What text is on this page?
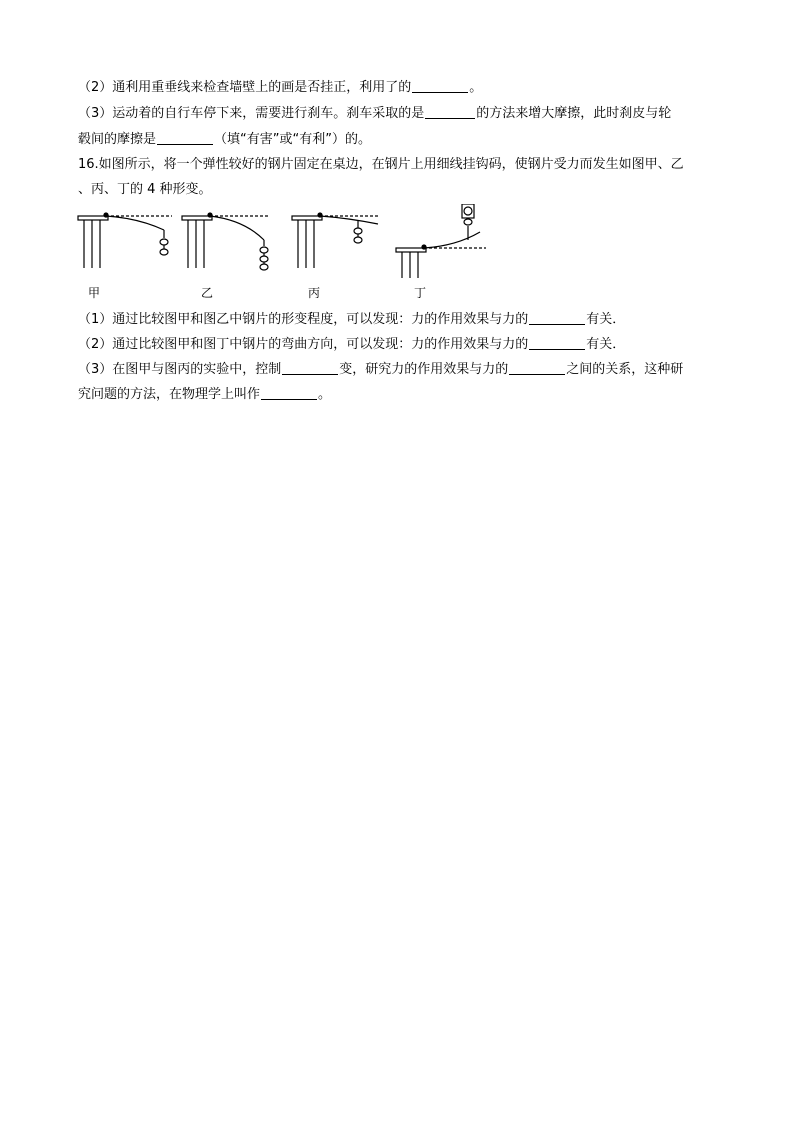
（2）通利用重垂线来检查墙壁上的画是否挂正，利用了的	。
（3）运动着的自行车停下来，需要进行刹车。刹车采取的是	的方法来增大摩擦，此时刹皮与轮
毂间的摩擦是	（填“有害”或“有利”）的。
16.如图所示，将一个弹性较好的钢片固定在桌边，在钢片上用细线挂钩码，使钢片受力而发生如图甲、乙
、丙、丁的 4 种形变。
甲	乙	丙	丁
（1）通过比较图甲和图乙中钢片的形变程度，可以发现：力的作用效果与力的	有关．
（2）通过比较图甲和图丁中钢片的弯曲方向，可以发现：力的作用效果与力的	有关．
（3）在图甲与图丙的实验中，控制	变，研究力的作用效果与力的	之间的关系，这种研
究问题的方法，在物理学上叫作	。
